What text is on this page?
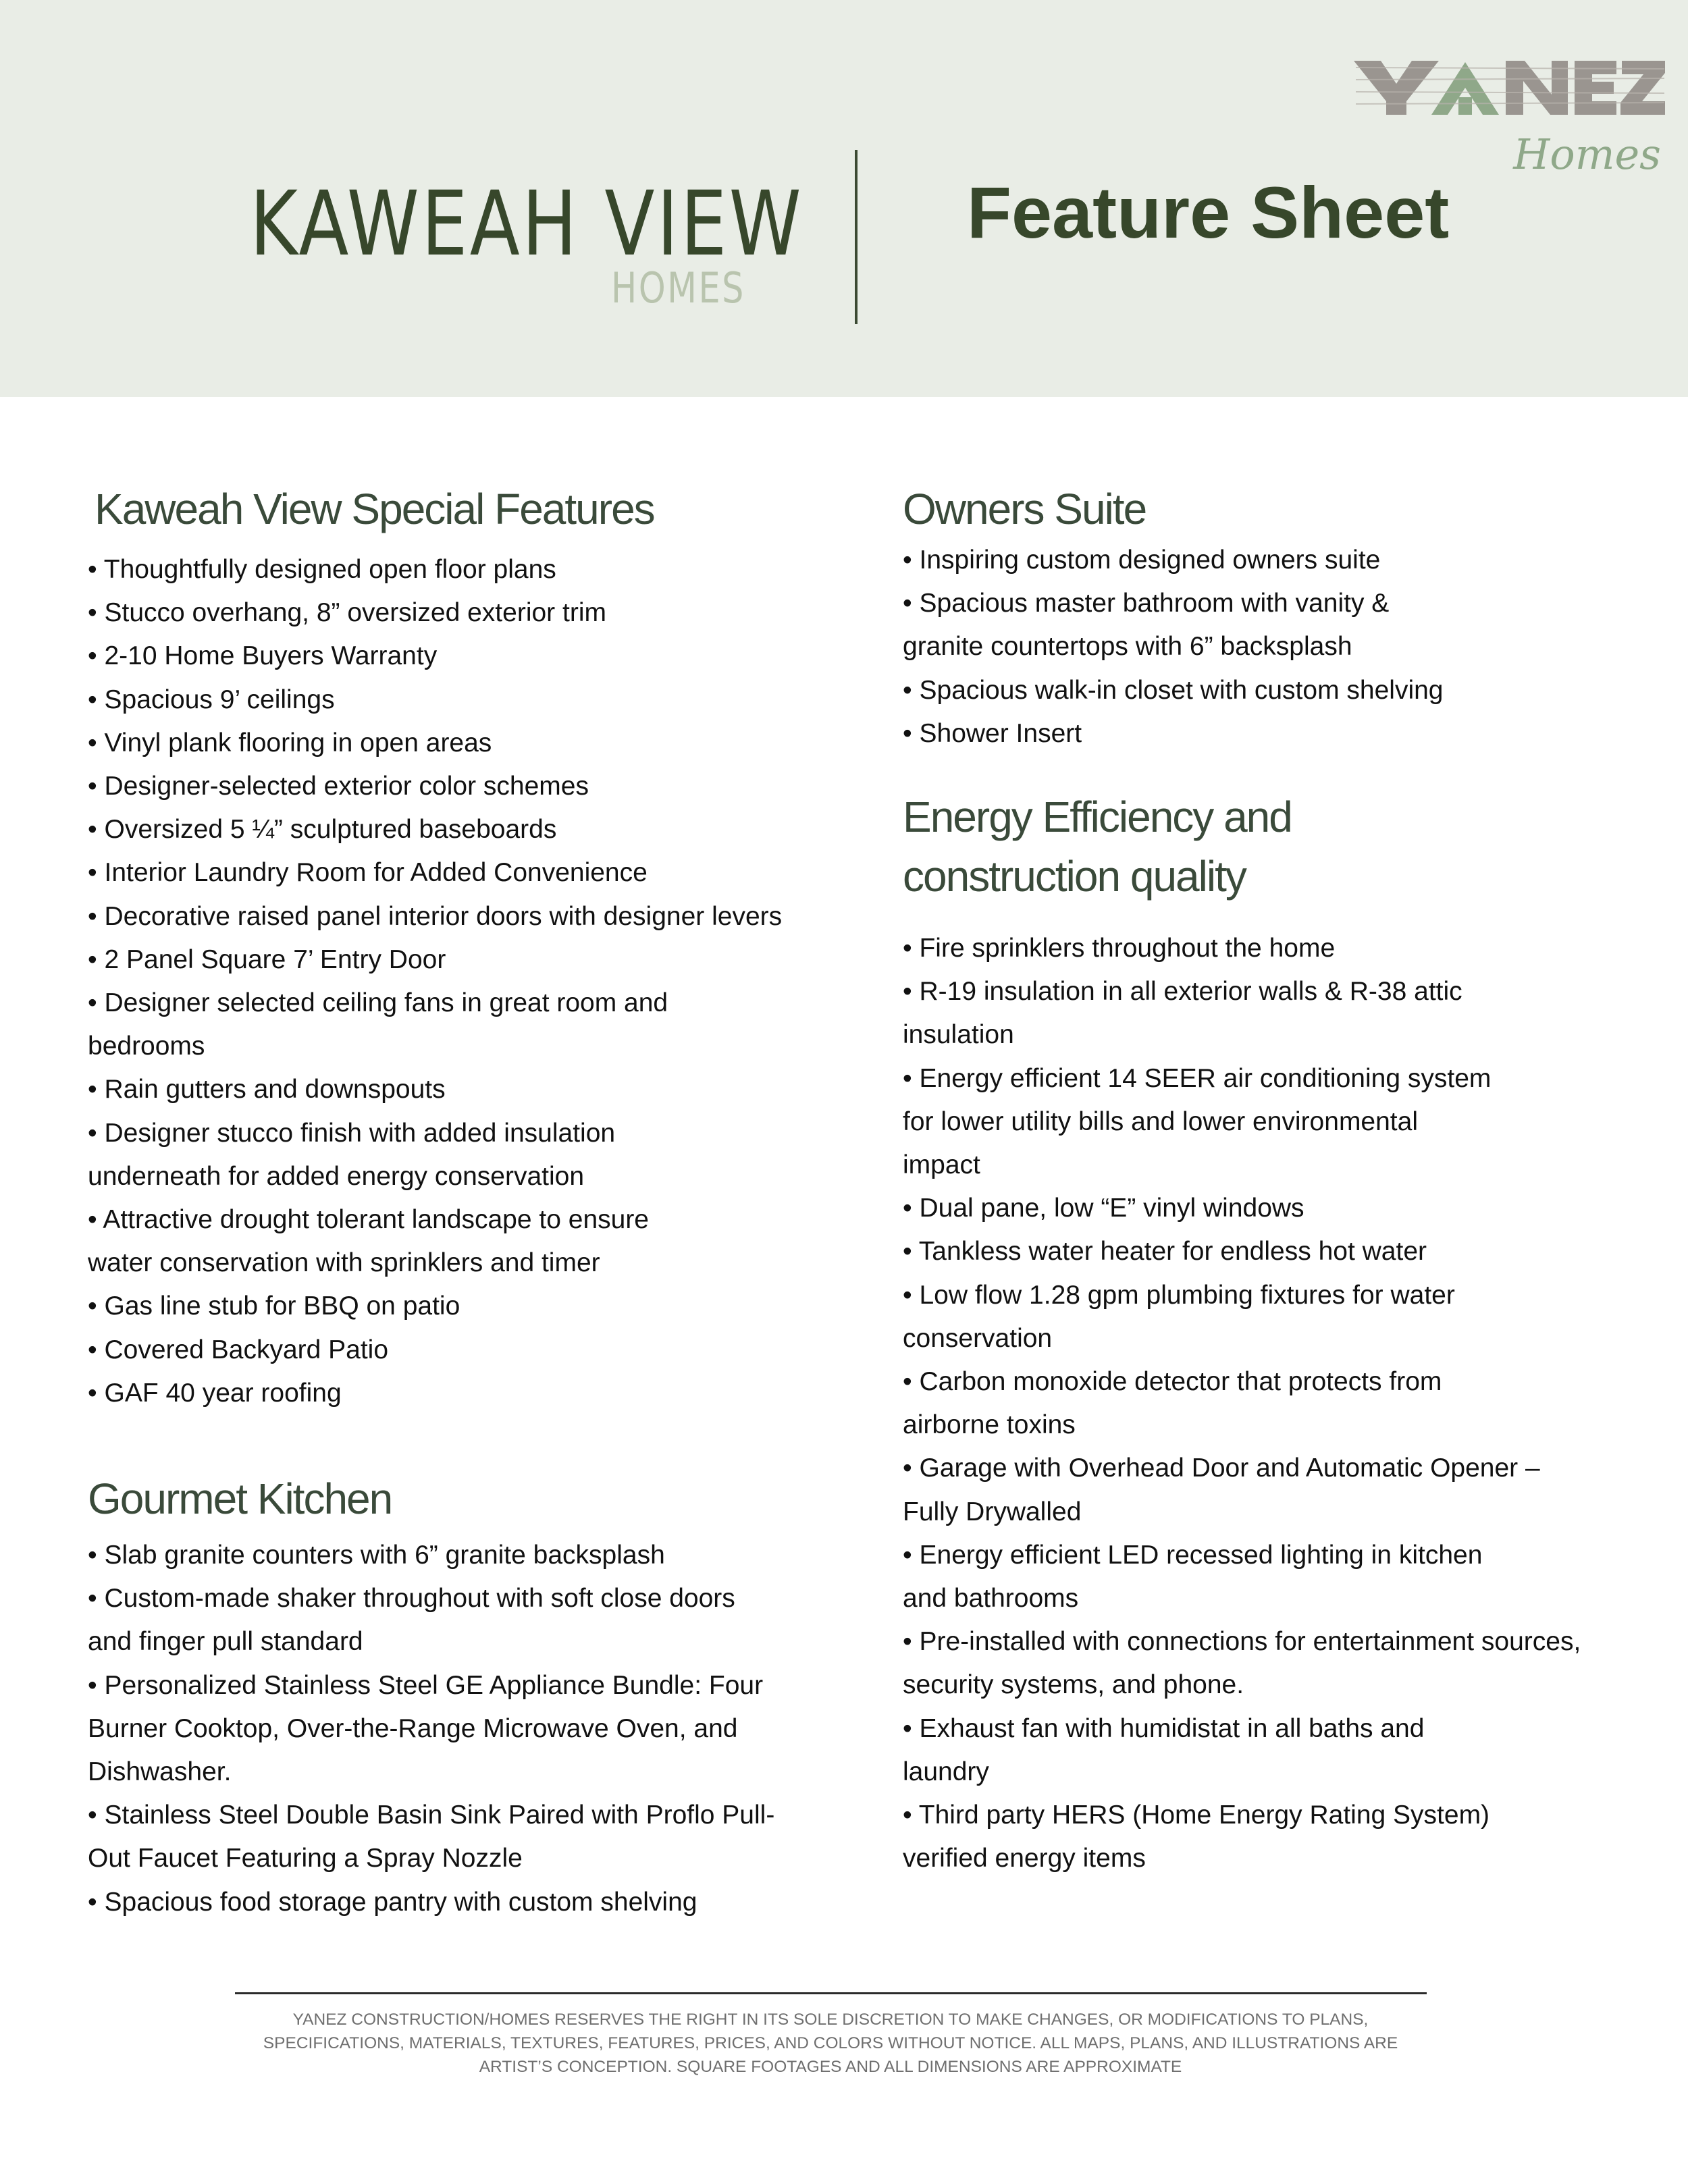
KAWEAH VIEW
HOMES
Feature Sheet
Homes
Kaweah View Special Features
• Thoughtfully designed open floor plans
• Stucco overhang, 8” oversized exterior trim
• 2-10 Home Buyers Warranty
• Spacious 9’ ceilings
• Vinyl plank flooring in open areas
• Designer-selected exterior color schemes
• Oversized 5 ¼” sculptured baseboards
• Interior Laundry Room for Added Convenience
• Decorative raised panel interior doors with designer levers
• 2 Panel Square 7’ Entry Door
• Designer selected ceiling fans in great room and
bedrooms
• Rain gutters and downspouts
• Designer stucco finish with added insulation
underneath for added energy conservation
• Attractive drought tolerant landscape to ensure
water conservation with sprinklers and timer
• Gas line stub for BBQ on patio
• Covered Backyard Patio
• GAF 40 year roofing
Gourmet Kitchen
• Slab granite counters with 6” granite backsplash
• Custom-made shaker throughout with soft close doors
and finger pull standard
• Personalized Stainless Steel GE Appliance Bundle: Four
Burner Cooktop, Over-the-Range Microwave Oven, and
Dishwasher.
• Stainless Steel Double Basin Sink Paired with Proflo Pull-
Out Faucet Featuring a Spray Nozzle
• Spacious food storage pantry with custom shelving
Owners Suite
• Inspiring custom designed owners suite
• Spacious master bathroom with vanity &
granite countertops with 6” backsplash
• Spacious walk-in closet with custom shelving
• Shower Insert
Energy Efficiency and
construction quality
• Fire sprinklers throughout the home
• R-19 insulation in all exterior walls & R-38 attic
insulation
• Energy efficient 14 SEER air conditioning system
for lower utility bills and lower environmental
impact
• Dual pane, low “E” vinyl windows
• Tankless water heater for endless hot water
• Low flow 1.28 gpm plumbing fixtures for water
conservation
• Carbon monoxide detector that protects from
airborne toxins
• Garage with Overhead Door and Automatic Opener –
Fully Drywalled
• Energy efficient LED recessed lighting in kitchen
and bathrooms
• Pre-installed with connections for entertainment sources,
security systems, and phone.
• Exhaust fan with humidistat in all baths and
laundry
• Third party HERS (Home Energy Rating System)
verified energy items
YANEZ CONSTRUCTION/HOMES RESERVES THE RIGHT IN ITS SOLE DISCRETION TO MAKE CHANGES, OR MODIFICATIONS TO PLANS,
SPECIFICATIONS, MATERIALS, TEXTURES, FEATURES, PRICES, AND COLORS WITHOUT NOTICE. ALL MAPS, PLANS, AND ILLUSTRATIONS ARE
ARTIST’S CONCEPTION. SQUARE FOOTAGES AND ALL DIMENSIONS ARE APPROXIMATE
